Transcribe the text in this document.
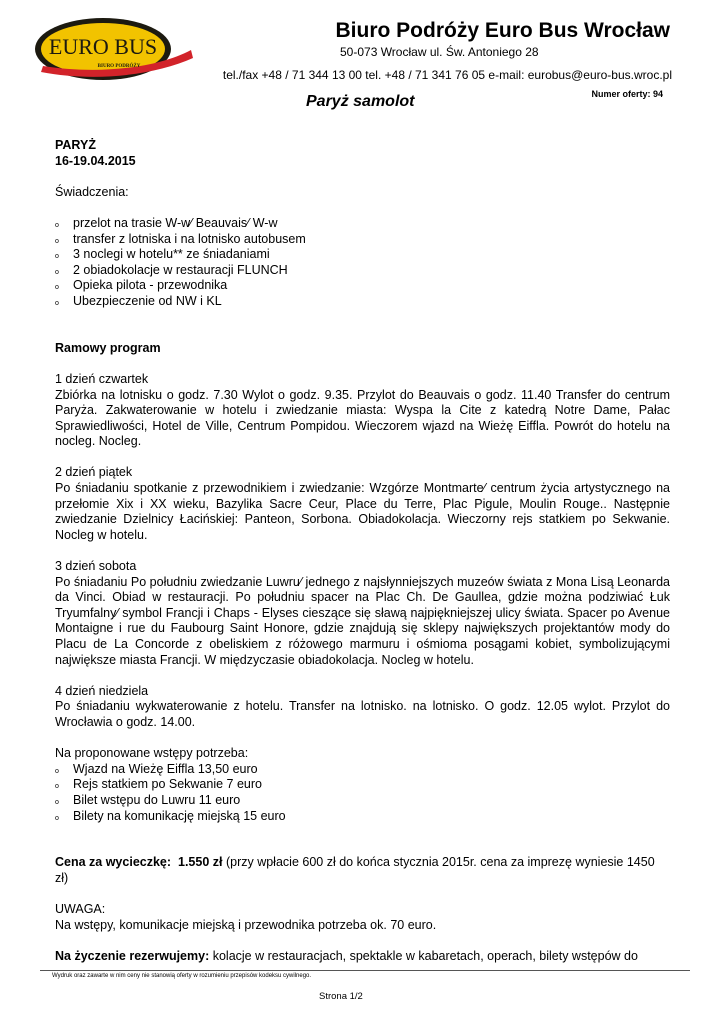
EURO BUS
BIURO PODRÓŻY
Biuro Podróży Euro Bus Wrocław
50-073 Wrocław ul. Św. Antoniego 28
tel./fax +48 / 71 344 13 00 tel. +48 / 71 341 76 05 e-mail: eurobus@euro-bus.wroc.pl
Numer oferty: 94
Paryż samolot

PARYŻ

16-19.04.2015

Świadczenia:

o przelot na trasie W-w⁄ Beauvais⁄ W-w
o transfer z lotniska i na lotnisko autobusem
o 3 noclegi w hotelu** ze śniadaniami
o 2 obiadokolacje w restauracji FLUNCH
o Opieka pilota - przewodnika
o Ubezpieczenie od NW i KL

Ramowy program

1 dzień czwartek

Zbiórka na lotnisku o godz. 7.30 Wylot o godz. 9.35. Przylot do Beauvais o godz. 11.40 Transfer do centrum Paryża. Zakwaterowanie w hotelu i zwiedzanie miasta: Wyspa la Cite z katedrą Notre Dame, Pałac Sprawiedliwości, Hotel de Ville, Centrum Pompidou. Wieczorem wjazd na Wieżę Eiffla. Powrót do hotelu na nocleg. Nocleg.

2 dzień piątek

Po śniadaniu spotkanie z przewodnikiem i zwiedzanie: Wzgórze Montmarte⁄ centrum życia artystycznego na przełomie Xix i XX wieku, Bazylika Sacre Ceur, Place du Terre, Plac Pigule, Moulin Rouge.. Następnie zwiedzanie Dzielnicy Łacińskiej: Panteon, Sorbona. Obiadokolacja. Wieczorny rejs statkiem po Sekwanie. Nocleg w hotelu.

3 dzień sobota

Po śniadaniu Po południu zwiedzanie Luwru⁄ jednego z najsłynniejszych muzeów świata z Mona Lisą Leonarda da Vinci. Obiad w restauracji. Po południu spacer na Plac Ch. De Gaullea, gdzie można podziwiać Łuk Tryumfalny⁄ symbol Francji i Chaps - Elyses cieszące się sławą najpiękniejszej ulicy świata. Spacer po Avenue Montaigne i rue du Faubourg Saint Honore, gdzie znajdują się sklepy największych projektantów mody do Placu de La Concorde z obeliskiem z różowego marmuru i ośmioma posągami kobiet, symbolizującymi największe miasta Francji. W międzyczasie obiadokolacja. Nocleg w hotelu.

4 dzień niedziela

Po śniadaniu wykwaterowanie z hotelu. Transfer na lotnisko. na lotnisko. O godz. 12.05 wylot. Przylot do Wrocławia o godz. 14.00.

Na proponowane wstępy potrzeba:

o Wjazd na Wieżę Eiffla 13,50 euro
o Rejs statkiem po Sekwanie 7 euro
o Bilet wstępu do Luwru 11 euro
o Bilety na komunikację miejską 15 euro

Cena za wycieczkę: 1.550 zł (przy wpłacie 600 zł do końca stycznia 2015r. cena za imprezę wyniesie 1450 zł)

UWAGA:

Na wstępy, komunikacje miejską i przewodnika potrzeba ok. 70 euro.

Na życzenie rezerwujemy: kolacje w restauracjach, spektakle w kabaretach, operach, bilety wstępów do

Wydruk oraz zawarte w nim ceny nie stanowią oferty w rozumieniu przepisów kodeksu cywilnego.
Strona 1/2
